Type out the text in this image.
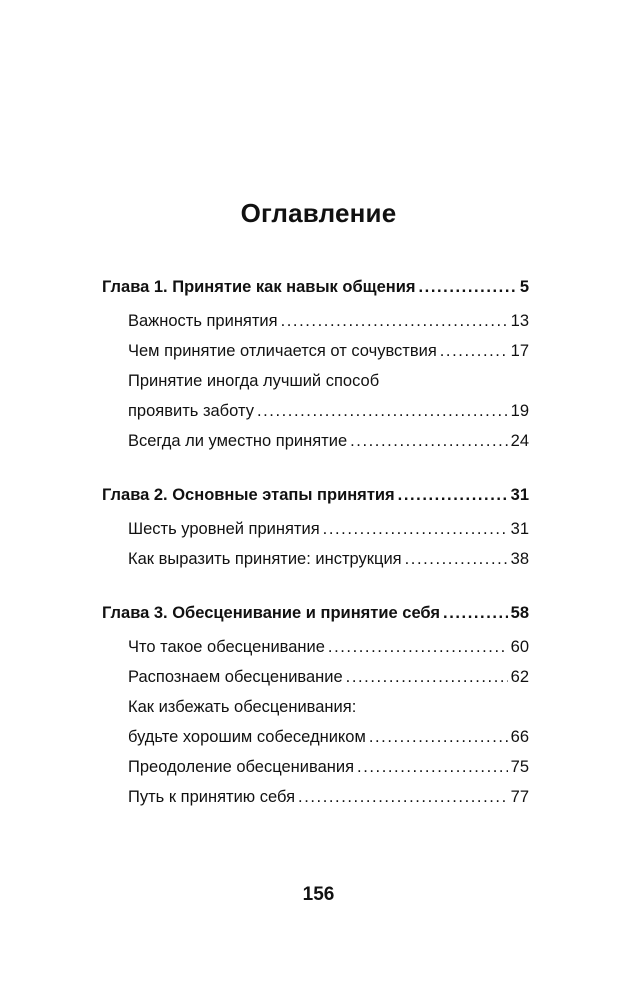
Оглавление
Глава 1. Принятие как навык общения . . .	5
Важность принятия . . .	13
Чем принятие отличается от сочувствия . . .	17
Принятие иногда лучший способ
проявить заботу . . .	19
Всегда ли уместно принятие . . .	24
Глава 2. Основные этапы принятия . . .	31
Шесть уровней принятия . . .	31
Как выразить принятие: инструкция . . .	38
Глава 3. Обесценивание и принятие себя . . .	58
Что такое обесценивание . . .	60
Распознаем обесценивание . . .	62
Как избежать обесценивания:
будьте хорошим собеседником . . .	66
Преодоление обесценивания . . .	75
Путь к принятию себя . . .	77
156
